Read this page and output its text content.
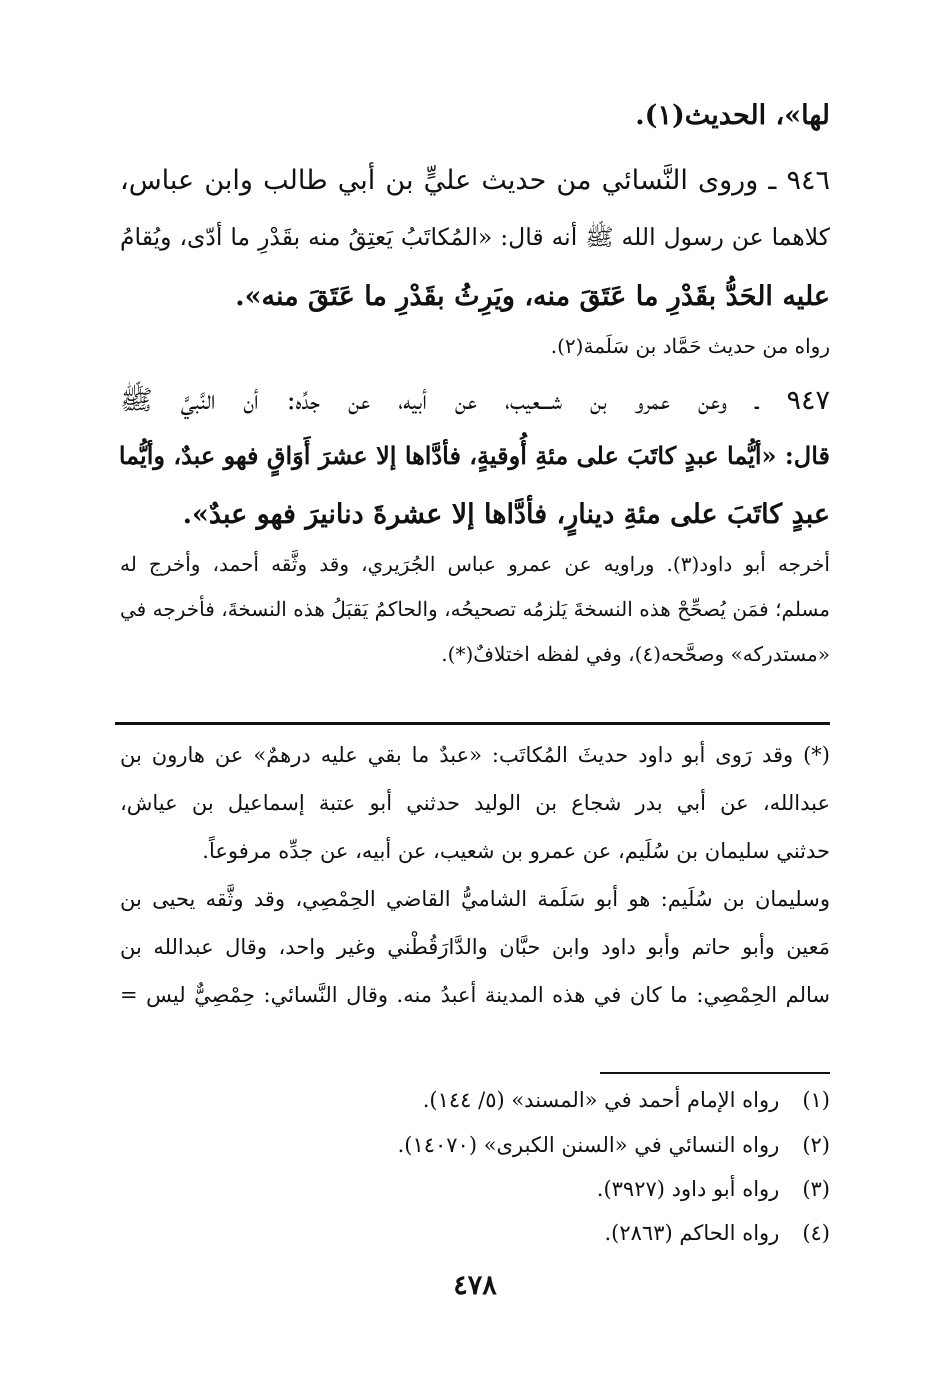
لها»، الحديث(١).
٩٤٦ ـ وروى النَّسائي من حديث عليٍّ بن أبي طالب وابن عباس،
كلاهما عن رسول الله ﷺ أنه قال: «المُكاتَبُ يَعتِقُ منه بقَدْرِ ما أدّى، ويُقامُ
عليه الحَدُّ بقَدْرِ ما عَتَقَ منه، ويَرِثُ بقَدْرِ ما عَتَقَ منه».
رواه من حديث حَمَّاد بن سَلَمة(٢).
٩٤٧ ـ وعن عمرو بن شـــعيب، عن أبيه، عن جدِّه: أن النَّبيَّ ﷺ
قال: «أيُّما عبدٍ كاتَبَ على مئةِ أُوقيةٍ، فأدَّاها إلا عشرَ أَوَاقٍ فهو عبدٌ، وأيُّما
عبدٍ كاتَبَ على مئةِ دينارٍ، فأدَّاها إلا عشرةَ دنانيرَ فهو عبدٌ».
أخرجه أبو داود(٣). وراويه عن عمرو عباس الجُرَيري، وقد وثَّقه أحمد، وأخرج له
مسلم؛ فمَن يُصحِّحْ هذه النسخةَ يَلزمُه تصحيحُه، والحاكمُ يَقبَلُ هذه النسخةَ، فأخرجه في
«مستدركه» وصحَّحه(٤)، وفي لفظه اختلافٌ(*).
(*) وقد رَوى أبو داود حديثَ المُكاتَب: «عبدٌ ما بقي عليه درهمٌ» عن هارون بن
عبدالله، عن أبي بدر شجاع بن الوليد حدثني أبو عتبة إسماعيل بن عياش،
حدثني سليمان بن سُلَيم، عن عمرو بن شعيب، عن أبيه، عن جدِّه مرفوعاً.
وسليمان بن سُلَيم: هو أبو سَلَمة الشاميُّ القاضي الحِمْصِي، وقد وثَّقه يحيى بن
مَعين وأبو حاتم وأبو داود وابن حبَّان والدَّارَقُطْني وغير واحد، وقال عبدالله بن
سالم الحِمْصِي: ما كان في هذه المدينة أعبدُ منه. وقال النَّسائي: حِمْصِيٌّ ليس =
(١) رواه الإمام أحمد في «المسند» (٥/ ١٤٤).
(٢) رواه النسائي في «السنن الكبرى» (١٤٠٧٠).
(٣) رواه أبو داود (٣٩٢٧).
(٤) رواه الحاكم (٢٨٦٣).
٤٧٨
